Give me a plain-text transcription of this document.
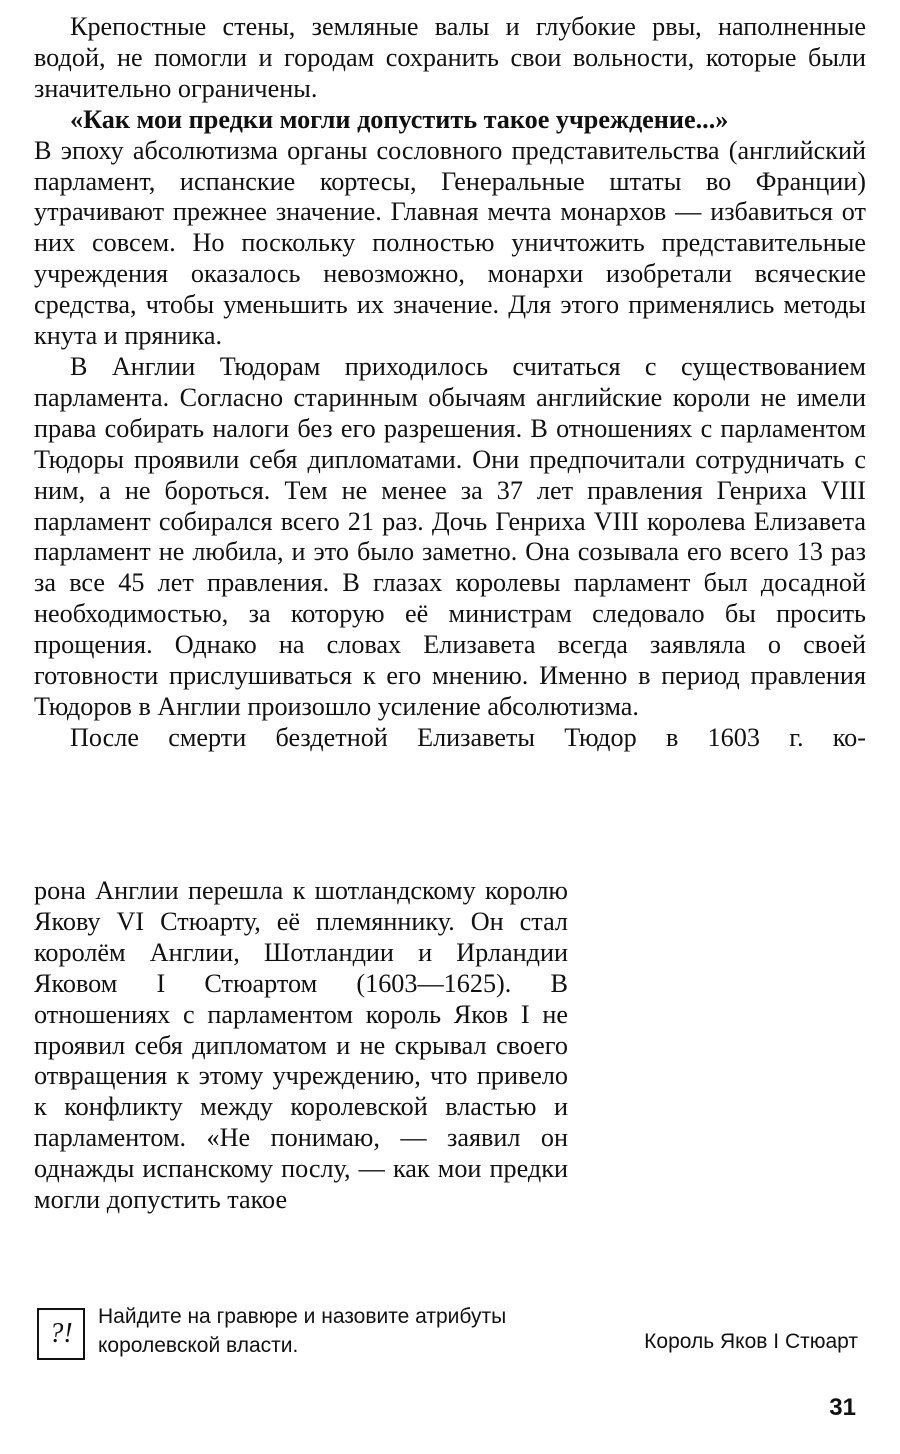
Крепостные стены, земляные валы и глубокие рвы, наполненные водой, не помогли и городам сохранить свои вольности, которые были значительно ограничены.

«Как мои предки могли допустить такое учреждение...»

В эпоху абсолютизма органы сословного представительства (английский парламент, испанские кортесы, Генеральные штаты во Франции) утрачивают прежнее значение. Главная мечта монархов — избавиться от них совсем. Но поскольку полностью уничтожить представительные учреждения оказалось невозможно, монархи изобретали всяческие средства, чтобы уменьшить их значение. Для этого применялись методы кнута и пряника.

В Англии Тюдорам приходилось считаться с существованием парламента. Согласно старинным обычаям английские короли не имели права собирать налоги без его разрешения. В отношениях с парламентом Тюдоры проявили себя дипломатами. Они предпочитали сотрудничать с ним, а не бороться. Тем не менее за 37 лет правления Генриха VIII парламент собирался всего 21 раз. Дочь Генриха VIII королева Елизавета парламент не любила, и это было заметно. Она созывала его всего 13 раз за все 45 лет правления. В глазах королевы парламент был досадной необходимостью, за которую её министрам следовало бы просить прощения. Однако на словах Елизавета всегда заявляла о своей готовности прислушиваться к его мнению. Именно в период правления Тюдоров в Англии произошло усиление абсолютизма.

После смерти бездетной Елизаветы Тюдор в 1603 г. ко-

рона Англии перешла к шотландскому королю Якову VI Стюарту, её племяннику. Он стал королём Англии, Шотландии и Ирландии Яковом I Стюартом (1603—1625). В отношениях с парламентом король Яков I не проявил себя дипломатом и не скрывал своего отвращения к этому учреждению, что привело к конфликту между королевской властью и парламентом. «Не понимаю, — заявил он однажды испанскому послу, — как мои предки могли допустить такое

?!
Найдите на гравюре и назовите атрибуты королевской власти.	Король Яков I Стюарт
31
